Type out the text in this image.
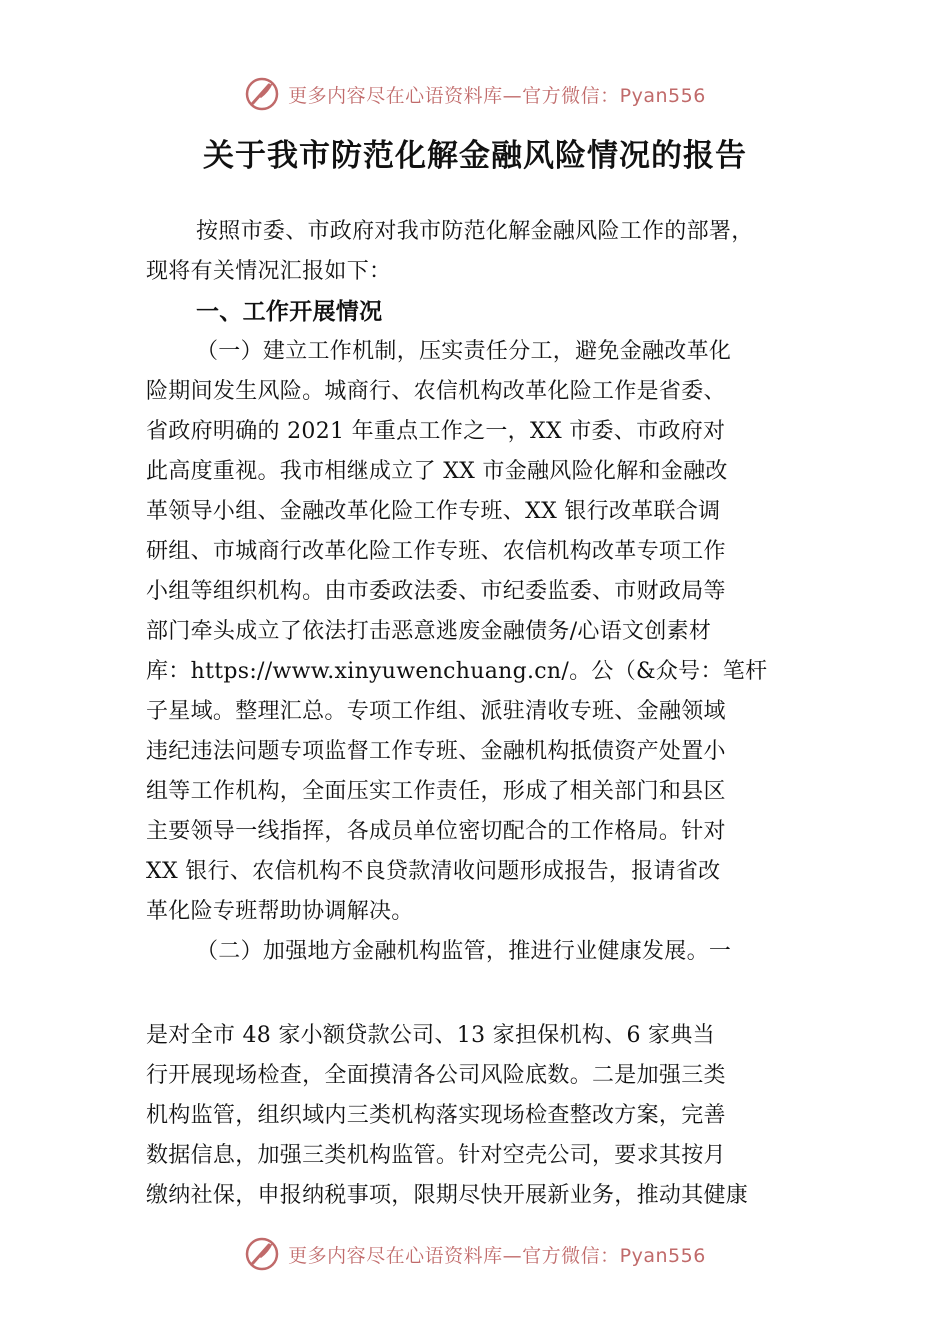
更多内容尽在心语资料库—官方微信：Pyan556
关于我市防范化解金融风险情况的报告
按照市委、市政府对我市防范化解金融风险工作的部署，
现将有关情况汇报如下：
一、工作开展情况
（一）建立工作机制，压实责任分工，避免金融改革化
险期间发生风险。城商行、农信机构改革化险工作是省委、
省政府明确的 2021 年重点工作之一，XX 市委、市政府对
此高度重视。我市相继成立了 XX 市金融风险化解和金融改
革领导小组、金融改革化险工作专班、XX 银行改革联合调
研组、市城商行改革化险工作专班、农信机构改革专项工作
小组等组织机构。由市委政法委、市纪委监委、市财政局等
部门牵头成立了依法打击恶意逃废金融债务/心语文创素材
库：https://www.xinyuwenchuang.cn/。公（&众号：笔杆
子星域。整理汇总。专项工作组、派驻清收专班、金融领域
违纪违法问题专项监督工作专班、金融机构抵债资产处置小
组等工作机构，全面压实工作责任，形成了相关部门和县区
主要领导一线指挥，各成员单位密切配合的工作格局。针对
XX 银行、农信机构不良贷款清收问题形成报告，报请省改
革化险专班帮助协调解决。
（二）加强地方金融机构监管，推进行业健康发展。一
是对全市 48 家小额贷款公司、13 家担保机构、6 家典当
行开展现场检查，全面摸清各公司风险底数。二是加强三类
机构监管，组织域内三类机构落实现场检查整改方案，完善
数据信息，加强三类机构监管。针对空壳公司，要求其按月
缴纳社保，申报纳税事项，限期尽快开展新业务，推动其健康
更多内容尽在心语资料库—官方微信：Pyan556
